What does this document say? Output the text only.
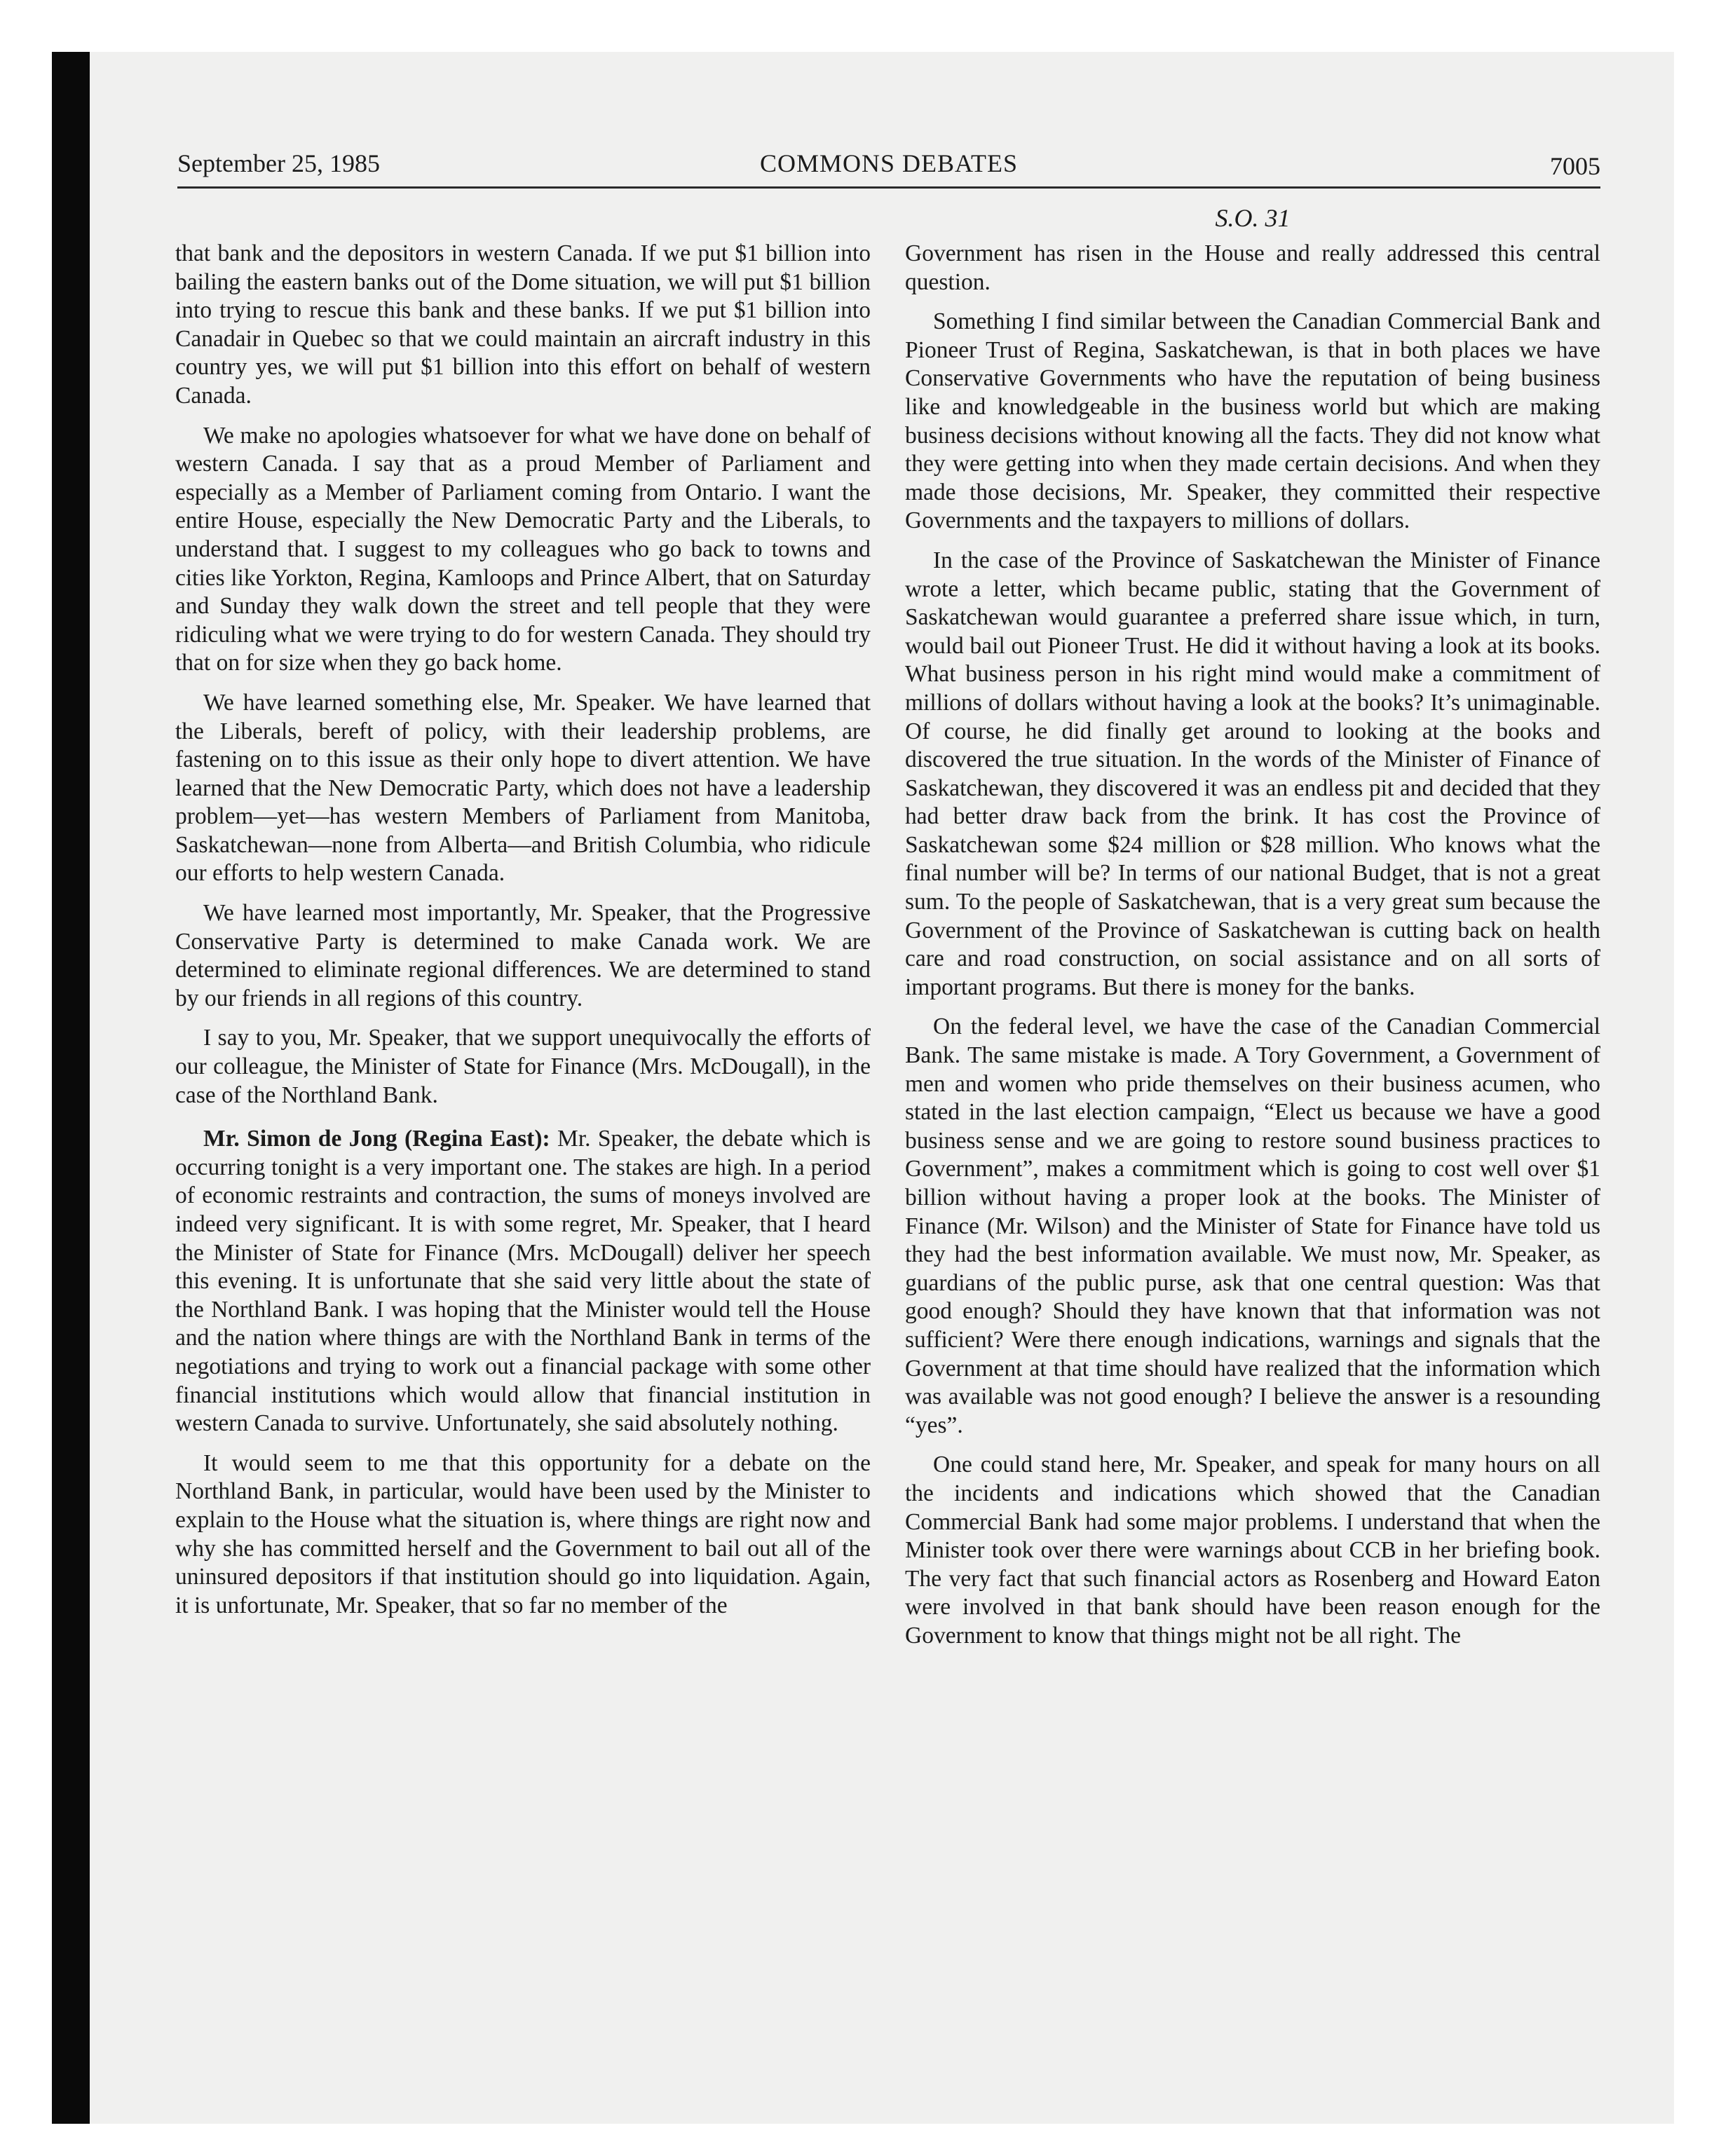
September 25, 1985	COMMONS DEBATES	7005
S.O. 31

that bank and the depositors in western Canada. If we put $1 billion into bailing the eastern banks out of the Dome situation, we will put $1 billion into trying to rescue this bank and these banks. If we put $1 billion into Canadair in Quebec so that we could maintain an aircraft industry in this country yes, we will put $1 billion into this effort on behalf of western Canada.

We make no apologies whatsoever for what we have done on behalf of western Canada. I say that as a proud Member of Parliament and especially as a Member of Parliament coming from Ontario. I want the entire House, especially the New Democratic Party and the Liberals, to understand that. I suggest to my colleagues who go back to towns and cities like Yorkton, Regina, Kamloops and Prince Albert, that on Saturday and Sunday they walk down the street and tell people that they were ridiculing what we were trying to do for western Canada. They should try that on for size when they go back home.

We have learned something else, Mr. Speaker. We have learned that the Liberals, bereft of policy, with their leadership problems, are fastening on to this issue as their only hope to divert attention. We have learned that the New Democratic Party, which does not have a leadership problem—yet—has western Members of Parliament from Manitoba, Saskatchewan—none from Alberta—and British Columbia, who ridicule our efforts to help western Canada.

We have learned most importantly, Mr. Speaker, that the Progressive Conservative Party is determined to make Canada work. We are determined to eliminate regional differences. We are determined to stand by our friends in all regions of this country.

I say to you, Mr. Speaker, that we support unequivocally the efforts of our colleague, the Minister of State for Finance (Mrs. McDougall), in the case of the Northland Bank.

Mr. Simon de Jong (Regina East): Mr. Speaker, the debate which is occurring tonight is a very important one. The stakes are high. In a period of economic restraints and contraction, the sums of moneys involved are indeed very significant. It is with some regret, Mr. Speaker, that I heard the Minister of State for Finance (Mrs. McDougall) deliver her speech this evening. It is unfortunate that she said very little about the state of the Northland Bank. I was hoping that the Minister would tell the House and the nation where things are with the Northland Bank in terms of the negotiations and trying to work out a financial package with some other financial institutions which would allow that financial institution in western Canada to survive. Unfortunately, she said absolutely nothing.

It would seem to me that this opportunity for a debate on the Northland Bank, in particular, would have been used by the Minister to explain to the House what the situation is, where things are right now and why she has committed herself and the Government to bail out all of the uninsured depositors if that institution should go into liquidation. Again, it is unfortunate, Mr. Speaker, that so far no member of the

Government has risen in the House and really addressed this central question.

Something I find similar between the Canadian Commercial Bank and Pioneer Trust of Regina, Saskatchewan, is that in both places we have Conservative Governments who have the reputation of being business like and knowledgeable in the business world but which are making business decisions without knowing all the facts. They did not know what they were getting into when they made certain decisions. And when they made those decisions, Mr. Speaker, they committed their respective Governments and the taxpayers to millions of dollars.

In the case of the Province of Saskatchewan the Minister of Finance wrote a letter, which became public, stating that the Government of Saskatchewan would guarantee a preferred share issue which, in turn, would bail out Pioneer Trust. He did it without having a look at its books. What business person in his right mind would make a commitment of millions of dollars without having a look at the books? It’s unimaginable. Of course, he did finally get around to looking at the books and discovered the true situation. In the words of the Minister of Finance of Saskatchewan, they discovered it was an endless pit and decided that they had better draw back from the brink. It has cost the Province of Saskatchewan some $24 million or $28 million. Who knows what the final number will be? In terms of our national Budget, that is not a great sum. To the people of Saskatchewan, that is a very great sum because the Government of the Province of Saskatchewan is cutting back on health care and road construction, on social assistance and on all sorts of important programs. But there is money for the banks.

On the federal level, we have the case of the Canadian Commercial Bank. The same mistake is made. A Tory Government, a Government of men and women who pride themselves on their business acumen, who stated in the last election campaign, “Elect us because we have a good business sense and we are going to restore sound business practices to Government”, makes a commitment which is going to cost well over $1 billion without having a proper look at the books. The Minister of Finance (Mr. Wilson) and the Minister of State for Finance have told us they had the best information available. We must now, Mr. Speaker, as guardians of the public purse, ask that one central question: Was that good enough? Should they have known that that information was not sufficient? Were there enough indications, warnings and signals that the Government at that time should have realized that the information which was available was not good enough? I believe the answer is a resounding “yes”.

One could stand here, Mr. Speaker, and speak for many hours on all the incidents and indications which showed that the Canadian Commercial Bank had some major problems. I understand that when the Minister took over there were warnings about CCB in her briefing book. The very fact that such financial actors as Rosenberg and Howard Eaton were involved in that bank should have been reason enough for the Government to know that things might not be all right. The
